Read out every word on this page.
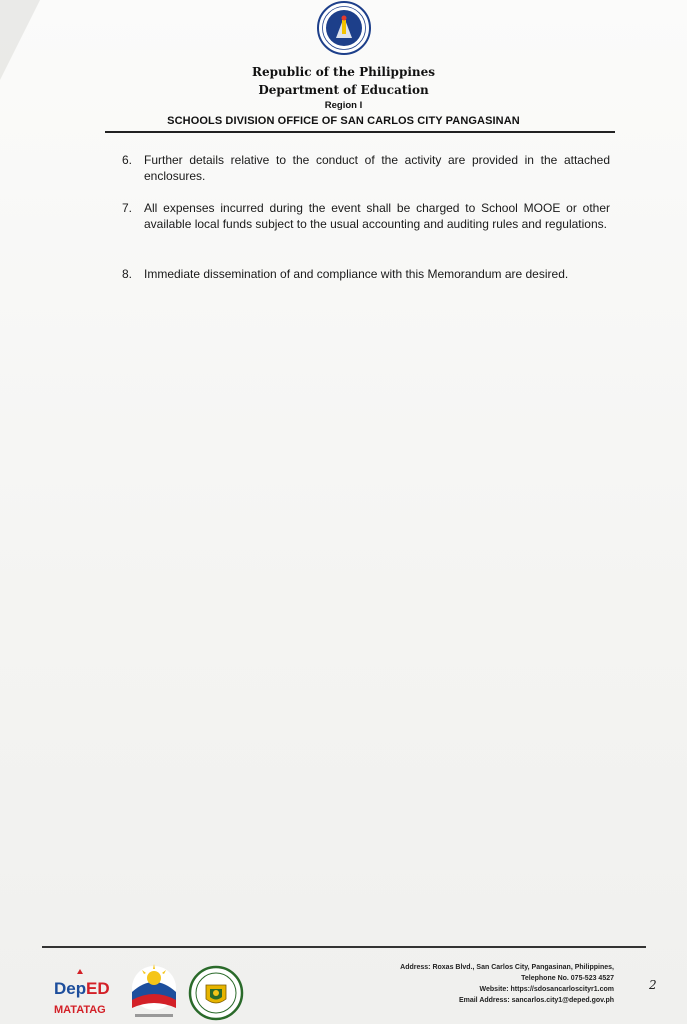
Republic of the Philippines
Department of Education
Region I
SCHOOLS DIVISION OFFICE OF SAN CARLOS CITY PANGASINAN
6. Further details relative to the conduct of the activity are provided in the attached enclosures.
7. All expenses incurred during the event shall be charged to School MOOE or other available local funds subject to the usual accounting and auditing rules and regulations.
8. Immediate dissemination of and compliance with this Memorandum are desired.
Dep ED
MATATAG
Address: Roxas Blvd., San Carlos City, Pangasinan, Philippines,
Telephone No. 075-523 4527
Website: https://sdosancarloscityr1.com
Email Address: sancarlos.city1@deped.gov.ph
2
